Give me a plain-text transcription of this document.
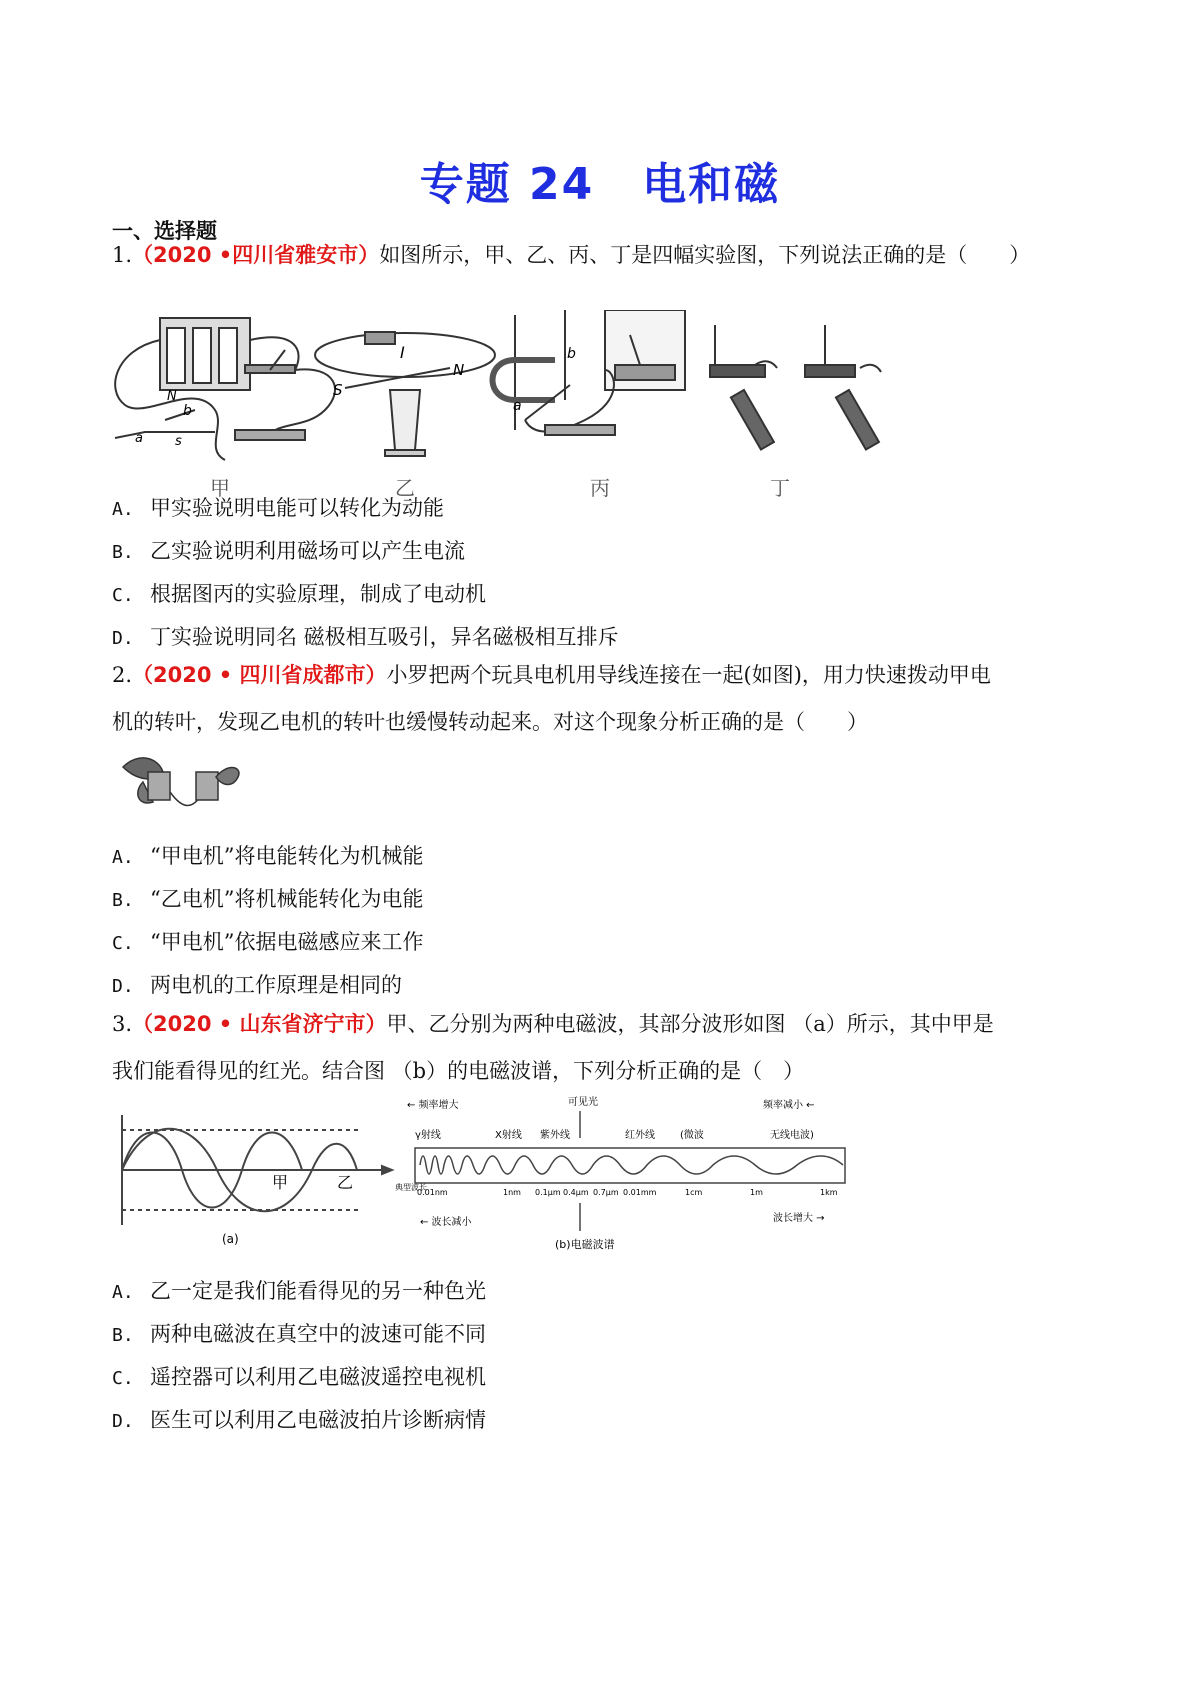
专题 24 电和磁
一、选择题
1.（2020 •四川省雅安市）如图所示，甲、乙、丙、丁是四幅实验图，下列说法正确的是（　　）
N
b
a s
甲
I
S
N
乙
b
a
丙	丁
A. 甲实验说明电能可以转化为动能
B. 乙实验说明利用磁场可以产生电流
C. 根据图丙的实验原理，制成了电动机
D. 丁实验说明同名 磁极相互吸引，异名磁极相互排斥
2.（2020 • 四川省成都市）小罗把两个玩具电机用导线连接在一起(如图)，用力快速拨动甲电
机的转叶，发现乙电机的转叶也缓慢转动起来。对这个现象分析正确的是（　　）
A. “甲电机”将电能转化为机械能
B. “乙电机”将机械能转化为电能
C. “甲电机”依据电磁感应来工作
D. 两电机的工作原理是相同的
3.（2020 • 山东省济宁市）甲、乙分别为两种电磁波，其部分波形如图 （a）所示，其中甲是
我们能看得见的红光。结合图 （b）的电磁波谱，下列分析正确的是（　）
甲	乙
(a)
← 频率增大	可见光	频率减小 ←
γ射线	X射线 紫外线	红外线	(微波	无线电波)
典型波长
0.01nm	1nm 0.1μm 0.4μm 0.7μm 0.01mm	1cm	1m	1km
← 波长减小	波长增大 →
(b)电磁波谱
A. 乙一定是我们能看得见的另一种色光
B. 两种电磁波在真空中的波速可能不同
C. 遥控器可以利用乙电磁波遥控电视机
D. 医生可以利用乙电磁波拍片诊断病情
